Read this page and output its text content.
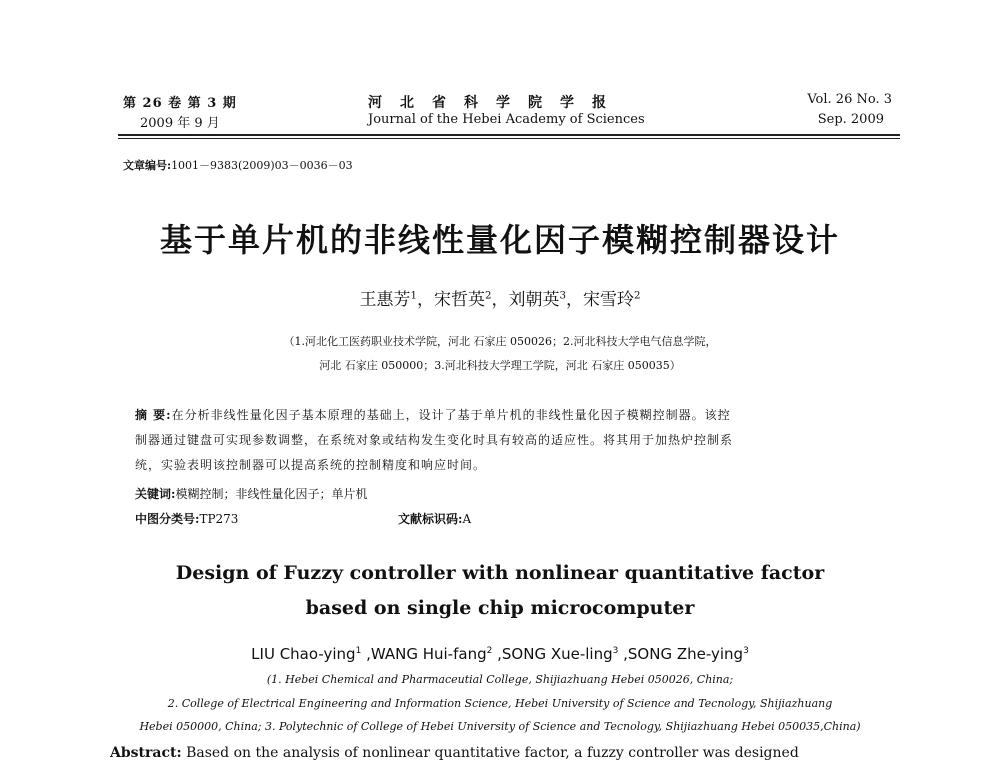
第 26 卷 第 3 期
2009 年 9 月
河北省科学院学报
Journal of the Hebei Academy of Sciences
Vol. 26 No. 3
Sep. 2009
文章编号:1001－9383(2009)03－0036－03
基于单片机的非线性量化因子模糊控制器设计
王惠芳$^1$，宋哲英$^2$，刘朝英$^3$，宋雪玲$^2$
（1.河北化工医药职业技术学院，河北 石家庄 050026；2.河北科技大学电气信息学院，
河北 石家庄 050000；3.河北科技大学理工学院，河北 石家庄 050035）
摘 要:在分析非线性量化因子基本原理的基础上，设计了基于单片机的非线性量化因子模糊控制器。该控
制器通过键盘可实现参数调整，在系统对象或结构发生变化时具有较高的适应性。将其用于加热炉控制系
统，实验表明该控制器可以提高系统的控制精度和响应时间。
关键词:模糊控制；非线性量化因子；单片机
中图分类号:TP273	文献标识码:A
Design of Fuzzy controller with nonlinear quantitative factor
based on single chip microcomputer
LIU Chao-ying$^1$ ,WANG Hui-fang$^2$ ,SONG Xue-ling$^3$ ,SONG Zhe-ying$^3$
(1. Hebei Chemical and Pharmaceutial College, Shijiazhuang Hebei 050026, China;
2. College of Electrical Engineering and Information Science, Hebei University of Science and Tecnology, Shijiazhuang
Hebei 050000, China; 3. Polytechnic of College of Hebei University of Science and Tecnology, Shijiazhuang Hebei 050035,China)
Abstract: Based on the analysis of nonlinear quantitative factor, a fuzzy controller was designed
